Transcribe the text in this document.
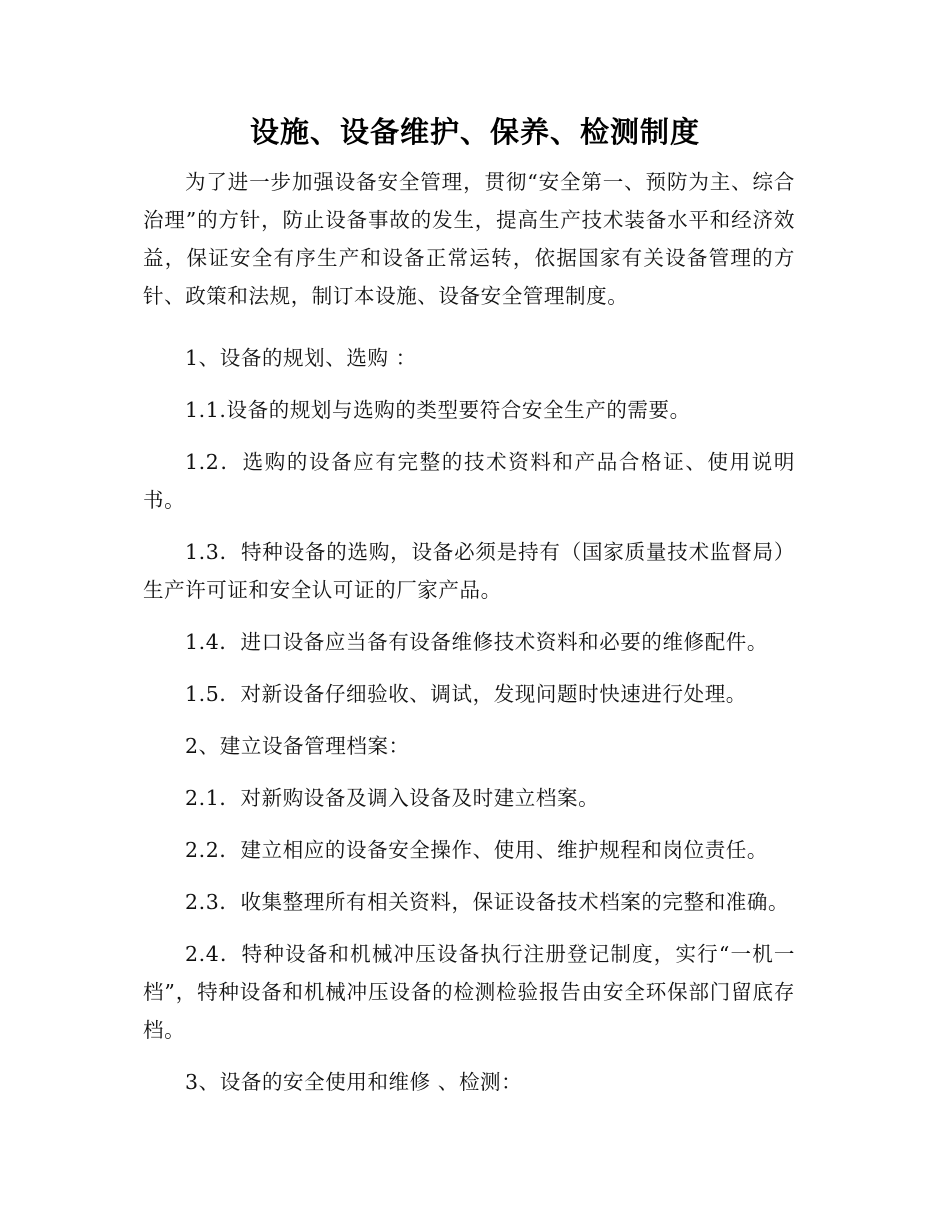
设施、设备维护、保养、检测制度

为了进一步加强设备安全管理，贯彻“安全第一、预防为主、综合治理”的方针，防止设备事故的发生，提高生产技术装备水平和经济效益，保证安全有序生产和设备正常运转，依据国家有关设备管理的方针、政策和法规，制订本设施、设备安全管理制度。

1、设备的规划、选购 ：

1.1.设备的规划与选购的类型要符合安全生产的需要。

1.2．选购的设备应有完整的技术资料和产品合格证、使用说明书。

1.3．特种设备的选购，设备必须是持有（国家质量技术监督局）生产许可证和安全认可证的厂家产品。

1.4．进口设备应当备有设备维修技术资料和必要的维修配件。

1.5．对新设备仔细验收、调试，发现问题时快速进行处理。

2、建立设备管理档案：

2.1．对新购设备及调入设备及时建立档案。

2.2．建立相应的设备安全操作、使用、维护规程和岗位责任。

2.3．收集整理所有相关资料，保证设备技术档案的完整和准确。

2.4．特种设备和机械冲压设备执行注册登记制度，实行“一机一档”，特种设备和机械冲压设备的检测检验报告由安全环保部门留底存档。

3、设备的安全使用和维修 、检测：
